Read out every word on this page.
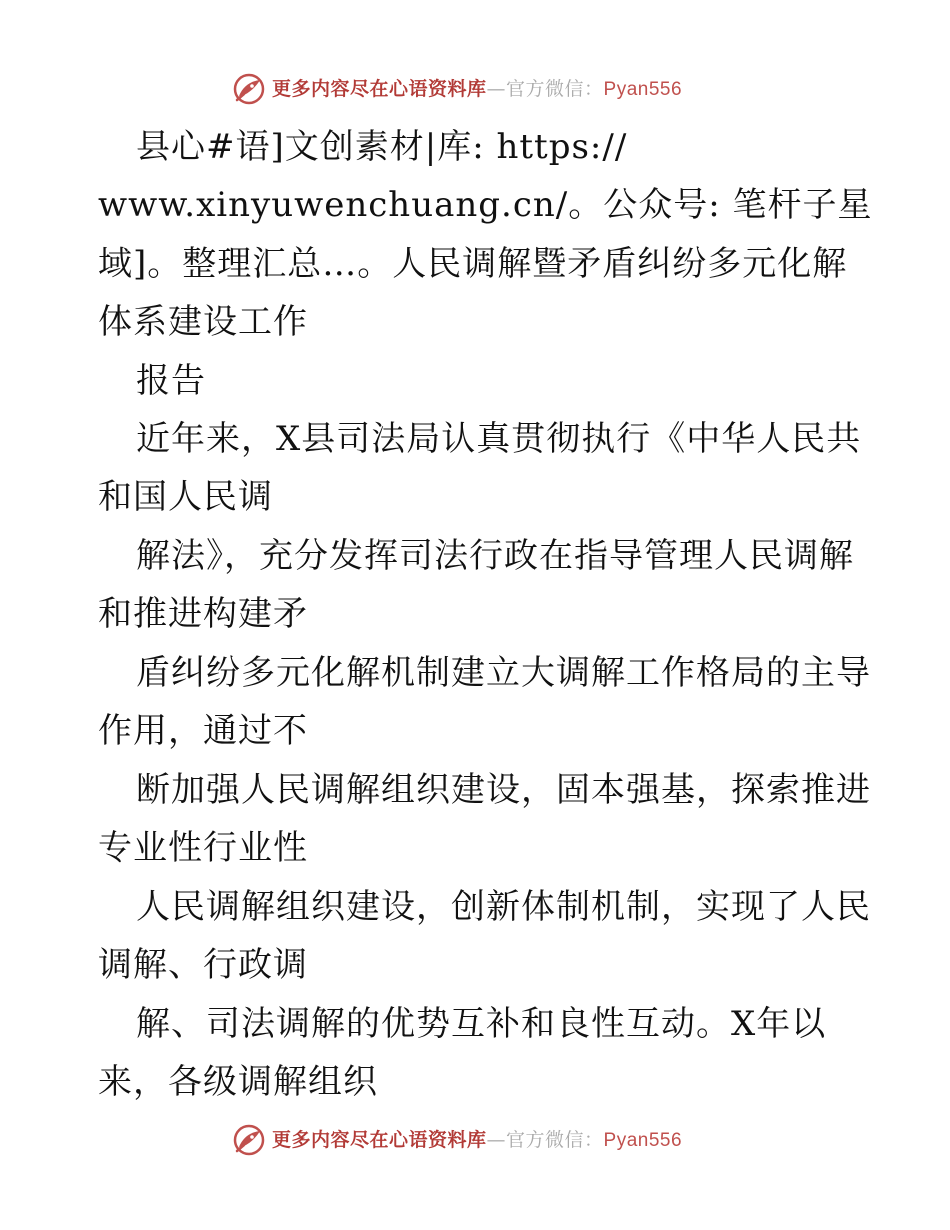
更多内容尽在心语资料库—官方微信：Pyan556
县心#语]文创素材|库: https://
www.xinyuwenchuang.cn/。公众号: 笔杆子星
域]。整理汇总…。人民调解暨矛盾纠纷多元化解
体系建设工作
报告
近年来，X县司法局认真贯彻执行《中华人民共
和国人民调
解法》，充分发挥司法行政在指导管理人民调解
和推进构建矛
盾纠纷多元化解机制建立大调解工作格局的主导
作用，通过不
断加强人民调解组织建设，固本强基，探索推进
专业性行业性
人民调解组织建设，创新体制机制，实现了人民
调解、行政调
解、司法调解的优势互补和良性互动。X年以
来，各级调解组织
更多内容尽在心语资料库—官方微信：Pyan556
